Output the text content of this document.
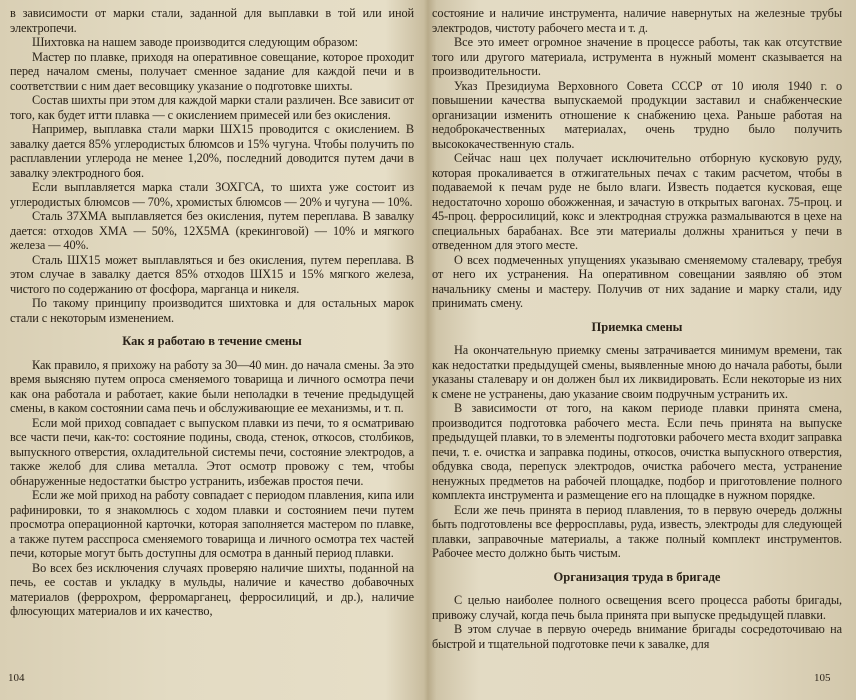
в зависимости от марки стали, заданной для выплавки в той или иной электропечи.

Шихтовка на нашем заводе производится следующим образом:

Мастер по плавке, приходя на оперативное совещание, которое проходит перед началом смены, получает сменное задание для каждой печи и в соответствии с ним дает весовщику указание о подготовке шихты.

Состав шихты при этом для каждой марки стали различен. Все зависит от того, как будет итти плавка — с окислением примесей или без окисления.

Например, выплавка стали марки ШХ15 проводится с окислением. В завалку дается 85% углеродистых блюмсов и 15% чугуна. Чтобы получить по расплавлении углерода не менее 1,20%, последний доводится путем дачи в завалку электродного боя.

Если выплавляется марка стали ЗОХГСА, то шихта уже состоит из углеродистых блюмсов — 70%, хромистых блюмсов — 20% и чугуна — 10%.

Сталь 37ХМА выплавляется без окисления, путем переплава. В завалку дается: отходов ХМА — 50%, 12Х5МА (крекинговой) — 10% и мягкого железа — 40%.

Сталь ШХ15 может выплавляться и без окисления, путем переплава. В этом случае в завалку дается 85% отходов ШХ15 и 15% мягкого железа, чистого по содержанию от фосфора, марганца и никеля.

По такому принципу производится шихтовка и для остальных марок стали с некоторым изменением.

Как я работаю в течение смены

Как правило, я прихожу на работу за 30—40 мин. до начала смены. За это время выясняю путем опроса сменяемого товарища и личного осмотра печи как она работала и работает, какие были неполадки в течение предыдущей смены, в каком состоянии сама печь и обслуживающие ее механизмы, и т. п.

Если мой приход совпадает с выпуском плавки из печи, то я осматриваю все части печи, как-то: состояние подины, свода, стенок, откосов, столбиков, выпускного отверстия, охладительной системы печи, состояние электродов, а также желоб для слива металла. Этот осмотр провожу с тем, чтобы обнаруженные недостатки быстро устранить, избежав простоя печи.

Если же мой приход на работу совпадает с периодом плавления, кипа или рафинировки, то я знакомлюсь с ходом плавки и состоянием печи путем просмотра операционной карточки, которая заполняется мастером по плавке, а также путем расспроса сменяемого товарища и личного осмотра тех частей печи, которые могут быть доступны для осмотра в данный период плавки.

Во всех без исключения случаях проверяю наличие шихты, поданной на печь, ее состав и укладку в мульды, наличие и качество добавочных материалов (феррохром, ферромарганец, ферросилиций, и др.), наличие флюсующих материалов и их качество,

104

состояние и наличие инструмента, наличие навернутых на железные трубы электродов, чистоту рабочего места и т. д.

Все это имеет огромное значение в процессе работы, так как отсутствие того или другого материала, иструмента в нужный момент сказывается на производительности.

Указ Президиума Верховного Совета СССР от 10 июля 1940 г. о повышении качества выпускаемой продукции заставил и снабженческие организации изменить отношение к снабжению цеха. Раньше работая на недоброкачественных материалах, очень трудно было получить высококачественную сталь.

Сейчас наш цех получает исключительно отборную кусковую руду, которая прокаливается в отжигательных печах с таким расчетом, чтобы в подаваемой к печам руде не было влаги. Известь подается кусковая, еще недостаточно хорошо обожженная, и зачастую в открытых вагонах. 75-проц. и 45-проц. ферросилиций, кокс и электродная стружка размалываются в цехе на специальных барабанах. Все эти материалы должны храниться у печи в отведенном для этого месте.

О всех подмеченных упущениях указываю сменяемому сталевару, требуя от него их устранения. На оперативном совещании заявляю об этом начальнику смены и мастеру. Получив от них задание и марку стали, иду принимать смену.

Приемка смены

На окончательную приемку смены затрачивается минимум времени, так как недостатки предыдущей смены, выявленные мною до начала работы, были указаны сталевару и он должен был их ликвидировать. Если некоторые из них к смене не устранены, даю указание своим подручным устранить их.

В зависимости от того, на каком периоде плавки принята смена, производится подготовка рабочего места. Если печь принята на выпуске предыдущей плавки, то в элементы подготовки рабочего места входит заправка печи, т. е. очистка и заправка подины, откосов, очистка выпускного отверстия, обдувка свода, перепуск электродов, очистка рабочего места, устранение ненужных предметов на рабочей площадке, подбор и приготовление полного комплекта инструмента и размещение его на площадке в нужном порядке.

Если же печь принята в период плавления, то в первую очередь должны быть подготовлены все ферросплавы, руда, известь, электроды для следующей плавки, заправочные материалы, а также полный комплект инструментов. Рабочее место должно быть чистым.

Организация труда в бригаде

С целью наиболее полного освещения всего процесса работы бригады, привожу случай, когда печь была принята при выпуске предыдущей плавки.

В этом случае в первую очередь внимание бригады сосредоточиваю на быстрой и тщательной подготовке печи к завалке, для

105
